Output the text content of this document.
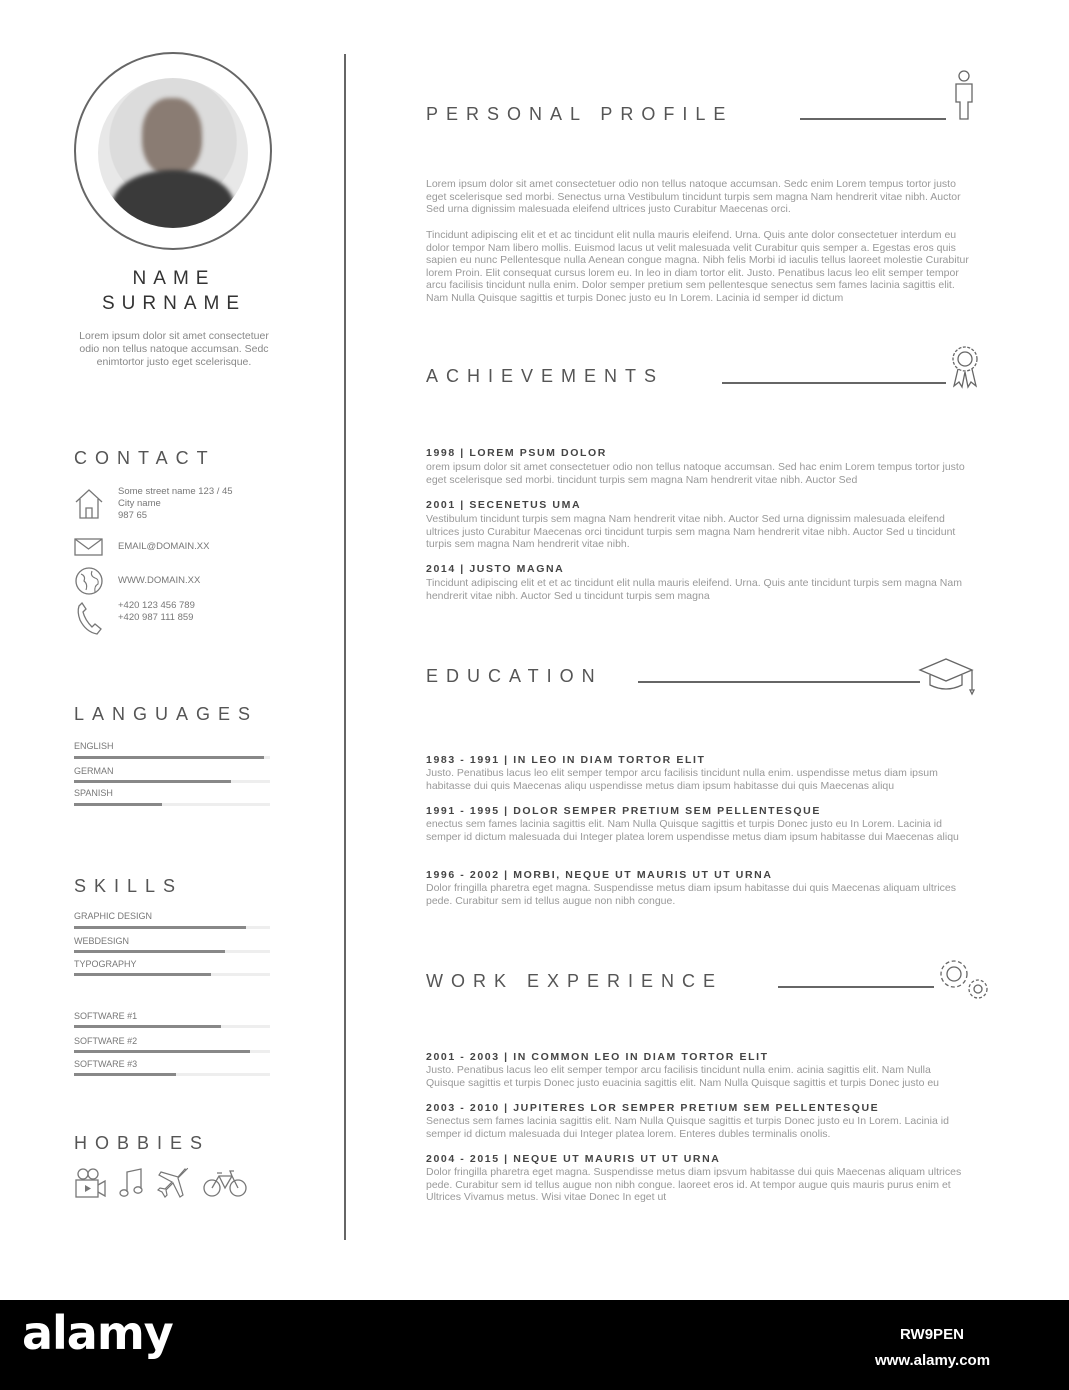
NAME
SURNAME
Lorem ipsum dolor sit amet consectetuer odio non tellus natoque accumsan. Sedc enimtortor justo eget scelerisque.
CONTACT
Some street name 123 / 45
City name
987 65
EMAIL@DOMAIN.XX
WWW.DOMAIN.XX
+420 123 456 789
+420 987 111 859
LANGUAGES
ENGLISH
GERMAN
SPANISH
SKILLS
GRAPHIC DESIGN
WEBDESIGN
TYPOGRAPHY
SOFTWARE #1
SOFTWARE #2
SOFTWARE #3
HOBBIES
PERSONAL PROFILE
Lorem ipsum dolor sit amet consectetuer odio non tellus natoque accumsan. Sedc enim Lorem tempus tortor justo eget scelerisque sed morbi. Senectus urna Vestibulum tincidunt turpis sem magna Nam hendrerit vitae nibh. Auctor Sed urna dignissim malesuada eleifend ultrices justo Curabitur Maecenas orci.
Tincidunt adipiscing elit et et ac tincidunt elit nulla mauris eleifend. Urna. Quis ante dolor consectetuer interdum eu dolor tempor Nam libero mollis. Euismod lacus ut velit malesuada velit Curabitur quis semper a. Egestas eros quis sapien eu nunc Pellentesque nulla Aenean congue magna. Nibh felis Morbi id iaculis tellus laoreet molestie Curabitur lorem Proin. Elit consequat cursus lorem eu. In leo in diam tortor elit. Justo. Penatibus lacus leo elit semper tempor arcu facilisis tincidunt nulla enim. Dolor semper pretium sem pellentesque senectus sem fames lacinia sagittis elit. Nam Nulla Quisque sagittis et turpis Donec justo eu In Lorem. Lacinia id semper id dictum
ACHIEVEMENTS
1998 | LOREM PSUM DOLOR
orem ipsum dolor sit amet consectetuer odio non tellus natoque accumsan. Sed hac enim Lorem tempus tortor justo eget scelerisque sed morbi. tincidunt turpis sem magna Nam hendrerit vitae nibh. Auctor Sed
2001 | SECENETUS UMA
Vestibulum tincidunt turpis sem magna Nam hendrerit vitae nibh. Auctor Sed urna dignissim malesuada eleifend ultrices justo Curabitur Maecenas orci tincidunt turpis sem magna Nam hendrerit vitae nibh. Auctor Sed u tincidunt turpis sem magna Nam hendrerit vitae nibh.
2014 | JUSTO MAGNA
Tincidunt adipiscing elit et et ac tincidunt elit nulla mauris eleifend. Urna. Quis ante tincidunt turpis sem magna Nam hendrerit vitae nibh. Auctor Sed u tincidunt turpis sem magna
EDUCATION
1983 - 1991 | IN LEO IN DIAM TORTOR ELIT
Justo. Penatibus lacus leo elit semper tempor arcu facilisis tincidunt nulla enim. uspendisse metus diam ipsum habitasse dui quis Maecenas aliqu uspendisse metus diam ipsum habitasse dui quis Maecenas aliqu
1991 - 1995 | DOLOR SEMPER PRETIUM SEM PELLENTESQUE
enectus sem fames lacinia sagittis elit. Nam Nulla Quisque sagittis et turpis Donec justo eu In Lorem. Lacinia id semper id dictum malesuada dui Integer platea lorem uspendisse metus diam ipsum habitasse dui Maecenas aliqu
1996 - 2002 | MORBI, NEQUE UT MAURIS UT UT URNA
Dolor fringilla pharetra eget magna. Suspendisse metus diam ipsum habitasse dui quis Maecenas aliquam ultrices pede. Curabitur sem id tellus augue non nibh congue.
WORK EXPERIENCE
2001 - 2003 | IN COMMON LEO IN DIAM TORTOR ELIT
Justo. Penatibus lacus leo elit semper tempor arcu facilisis tincidunt nulla enim. acinia sagittis elit. Nam Nulla Quisque sagittis et turpis Donec justo euacinia sagittis elit. Nam Nulla Quisque sagittis et turpis Donec justo eu
2003 - 2010 | JUPITERES LOR SEMPER PRETIUM SEM PELLENTESQUE
Senectus sem fames lacinia sagittis elit. Nam Nulla Quisque sagittis et turpis Donec justo eu In Lorem. Lacinia id semper id dictum malesuada dui Integer platea lorem. Enteres dubles terminalis onolis.
2004 - 2015 | NEQUE UT MAURIS UT UT URNA
Dolor fringilla pharetra eget magna. Suspendisse metus diam ipsvum habitasse dui quis Maecenas aliquam ultrices pede. Curabitur sem id tellus augue non nibh congue. laoreet eros id. At tempor augue quis mauris purus enim et Ultrices Vivamus metus. Wisi vitae Donec In eget ut
alamy	RW9PEN
www.alamy.com
